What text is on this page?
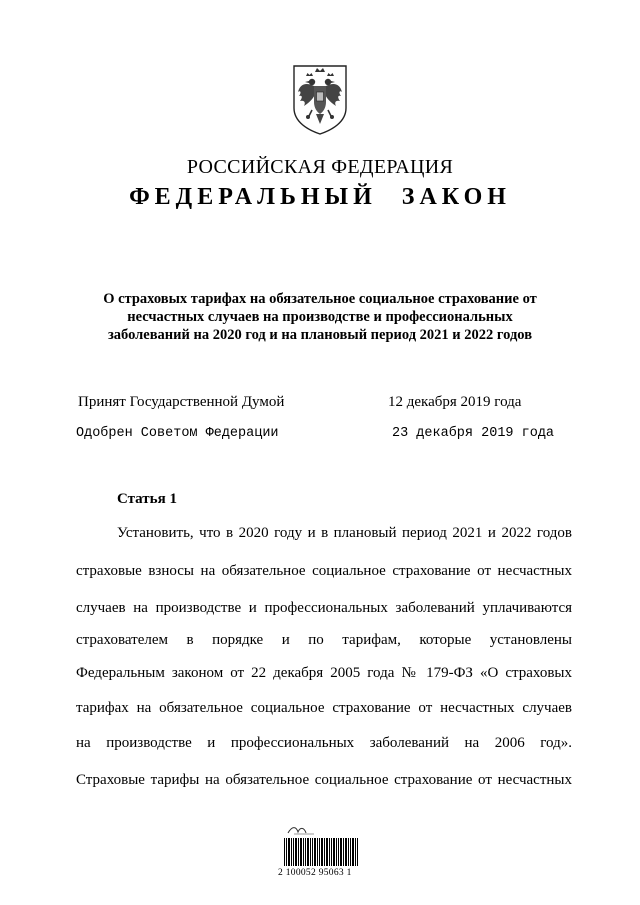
РОССИЙСКАЯ ФЕДЕРАЦИЯ
ФЕДЕРАЛЬНЫЙ ЗАКОН
О страховых тарифах на обязательное социальное страхование от
несчастных случаев на производстве и профессиональных
заболеваний на 2020 год и на плановый период 2021 и 2022 годов
Принят Государственной Думой	12 декабря 2019 года
Одобрен Советом Федерации	23 декабря 2019 года
Статья 1
Установить, что в 2020 году и в плановый период 2021 и 2022 годов
страховые взносы на обязательное социальное страхование от несчастных
случаев на производстве и профессиональных заболеваний уплачиваются
страхователем в порядке и по тарифам, которые установлены
Федеральным законом от 22 декабря 2005 года № 179-ФЗ «О страховых
тарифах на обязательное социальное страхование от несчастных случаев
на производстве и профессиональных заболеваний на 2006 год».
Страховые тарифы на обязательное социальное страхование от несчастных
2 100052 95063 1
